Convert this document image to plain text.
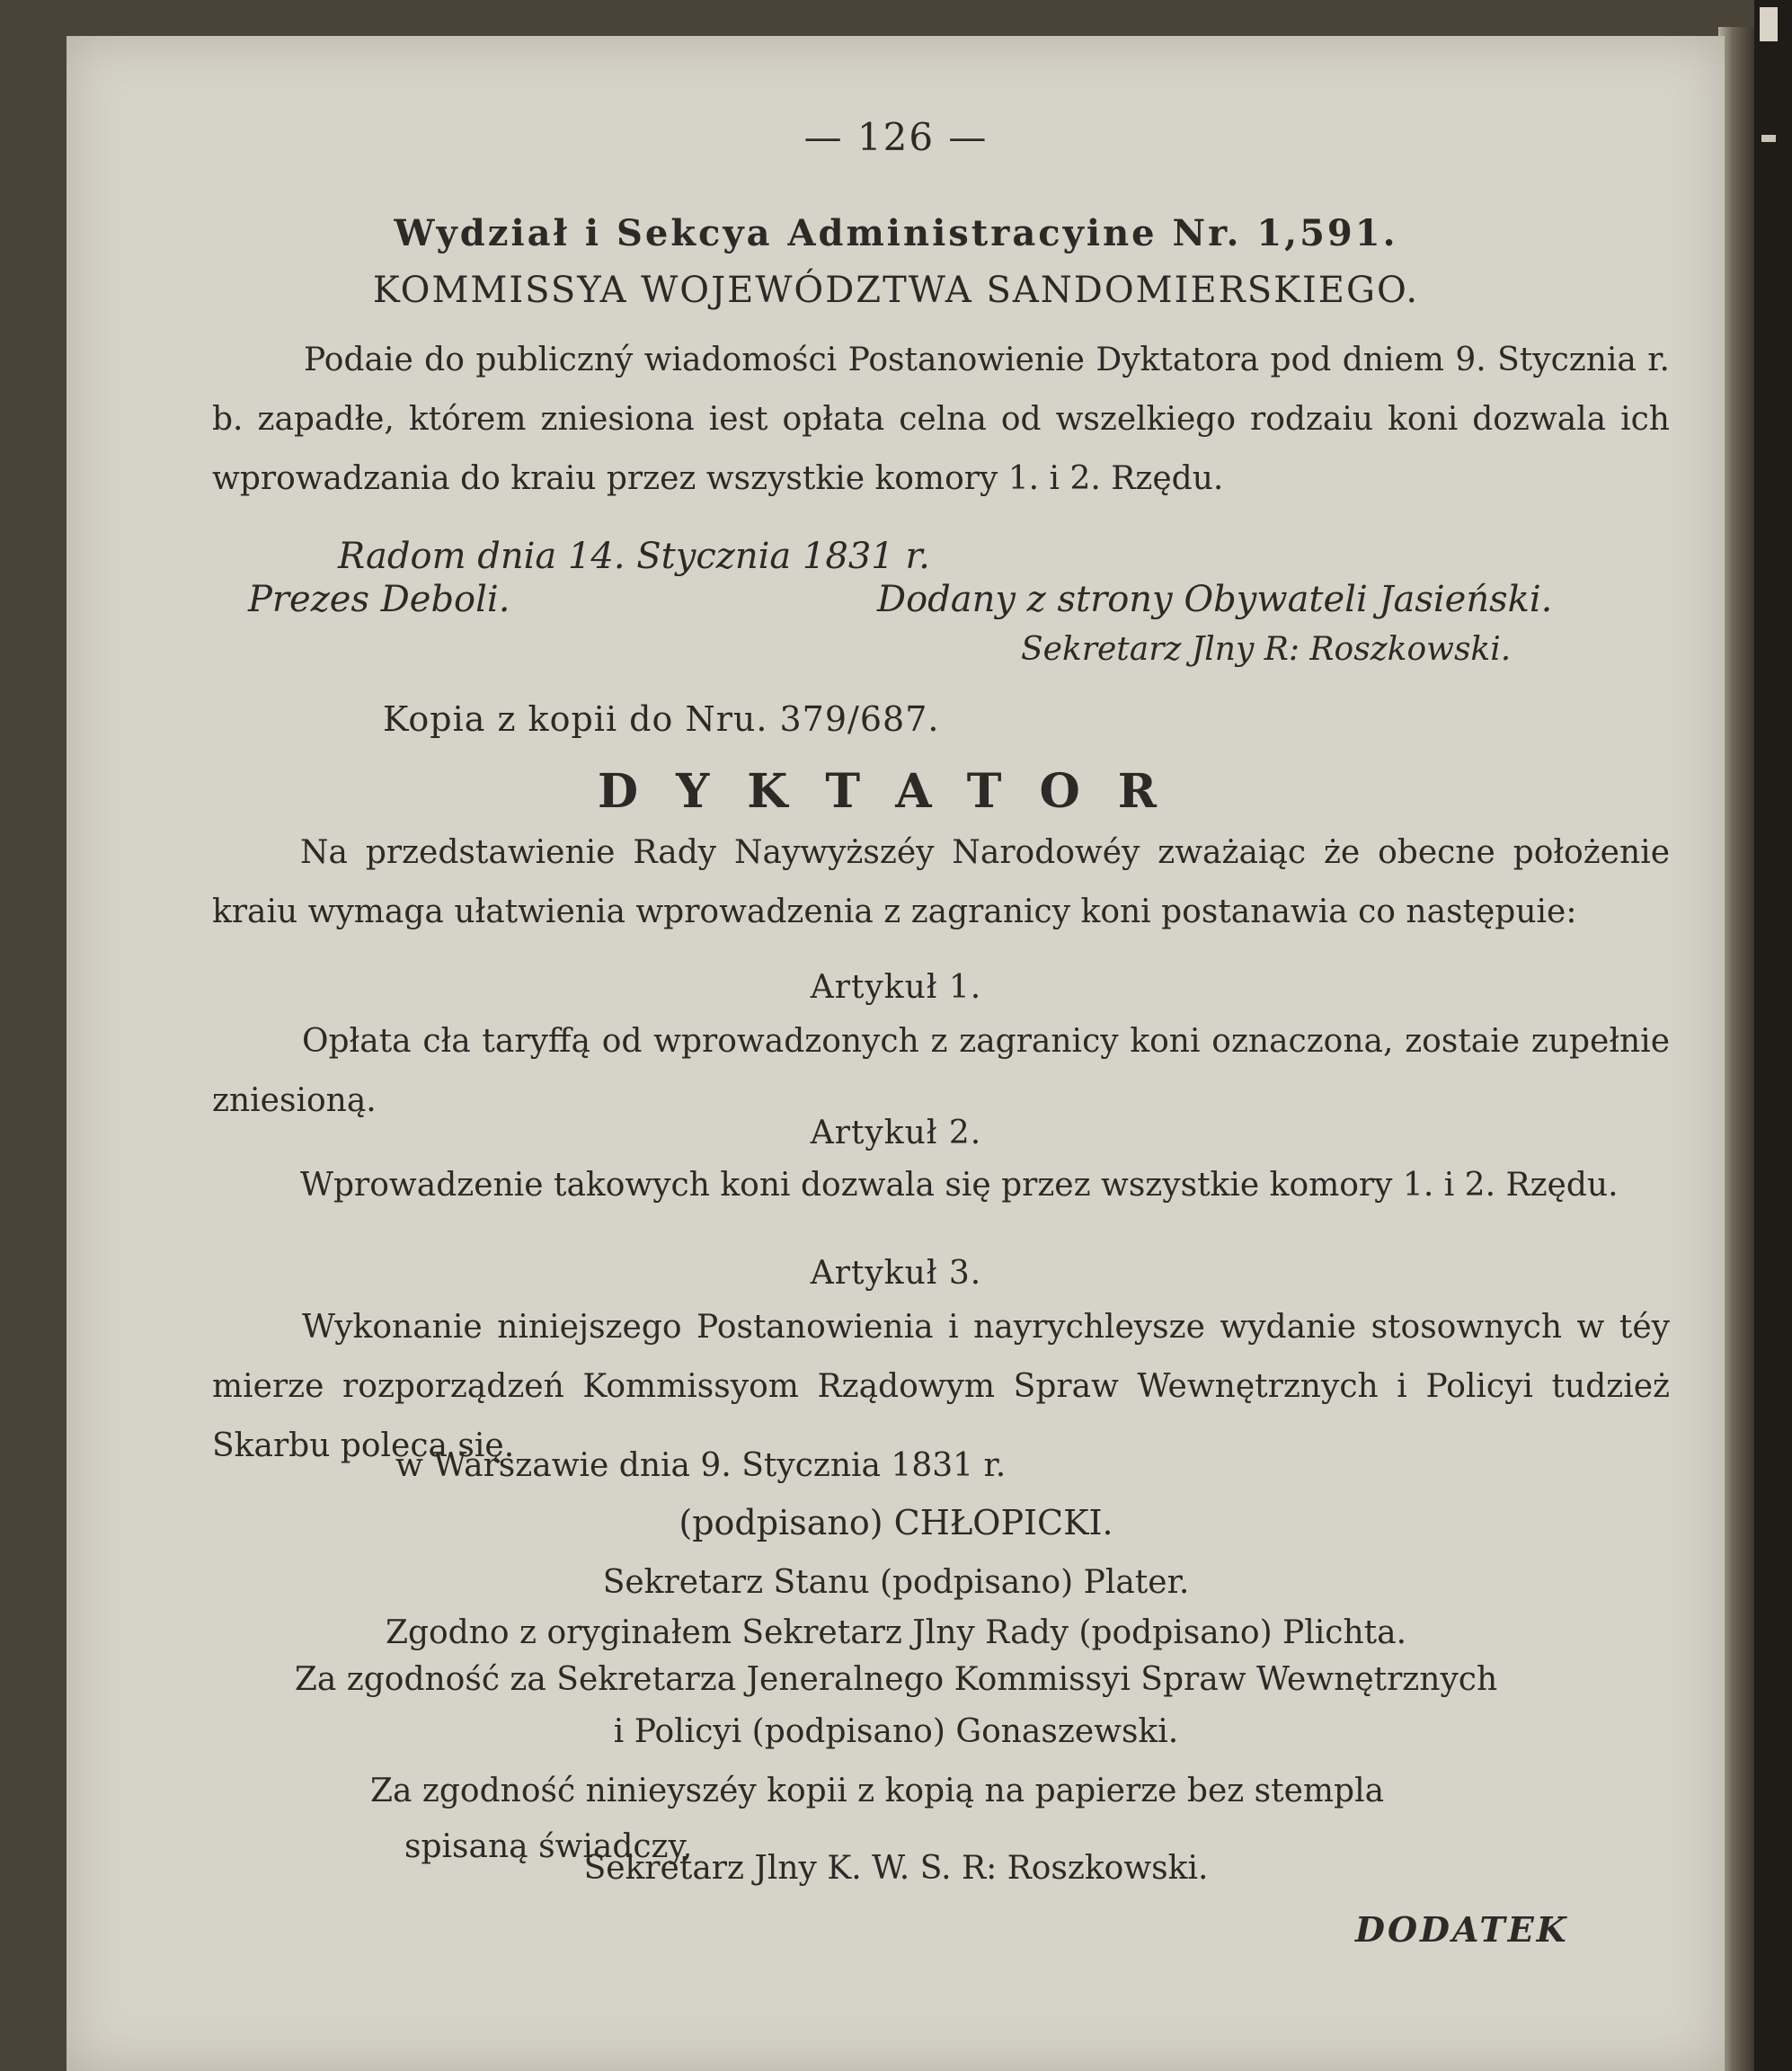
— 126 —
Wydział i Sekcya Administracyine Nr. 1,591.
KOMMISSYA WOJEWÓDZTWA SANDOMIERSKIEGO.
Podaie do publiczný wiadomości Postanowienie Dyktatora pod dniem 9. Stycznia r. b. zapadłe, którem zniesiona iest opłata celna od wszelkiego rodzaiu koni dozwala ich wprowadzania do kraiu przez wszystkie komory 1. i 2. Rzędu.
Radom dnia 14. Stycznia 1831 r.
Prezes Deboli.	Dodany z strony Obywateli Jasieński.
Sekretarz Jlny R: Roszkowski.
Kopia z kopii do Nru. 379/687.
DYKTATOR
Na przedstawienie Rady Naywyższéy Narodowéy zważaiąc że obecne położenie kraiu wymaga ułatwienia wprowadzenia z zagranicy koni postanawia co następuie:
Artykuł 1.
Opłata cła taryffą od wprowadzonych z zagranicy koni oznaczona, zostaie zupełnie zniesioną.
Artykuł 2.
Wprowadzenie takowych koni dozwala się przez wszystkie komory 1. i 2. Rzędu.
Artykuł 3.
Wykonanie niniejszego Postanowienia i nayrychleysze wydanie stosownych w téy mierze rozporządzeń Kommissyom Rządowym Spraw Wewnętrznych i Policyi tudzież Skarbu poleca się.
w Warszawie dnia 9. Stycznia 1831 r.
(podpisano) CHŁOPICKI.
Sekretarz Stanu (podpisano) Plater.
Zgodno z oryginałem Sekretarz Jlny Rady (podpisano) Plichta.
Za zgodność za Sekretarza Jeneralnego Kommissyi Spraw Wewnętrznych
i Policyi (podpisano) Gonaszewski.
Za zgodność ninieyszéy kopii z kopią na papierze bez stempla
spisaną świadczy,
Sekretarz Jlny K. W. S. R: Roszkowski.
DODATEK
